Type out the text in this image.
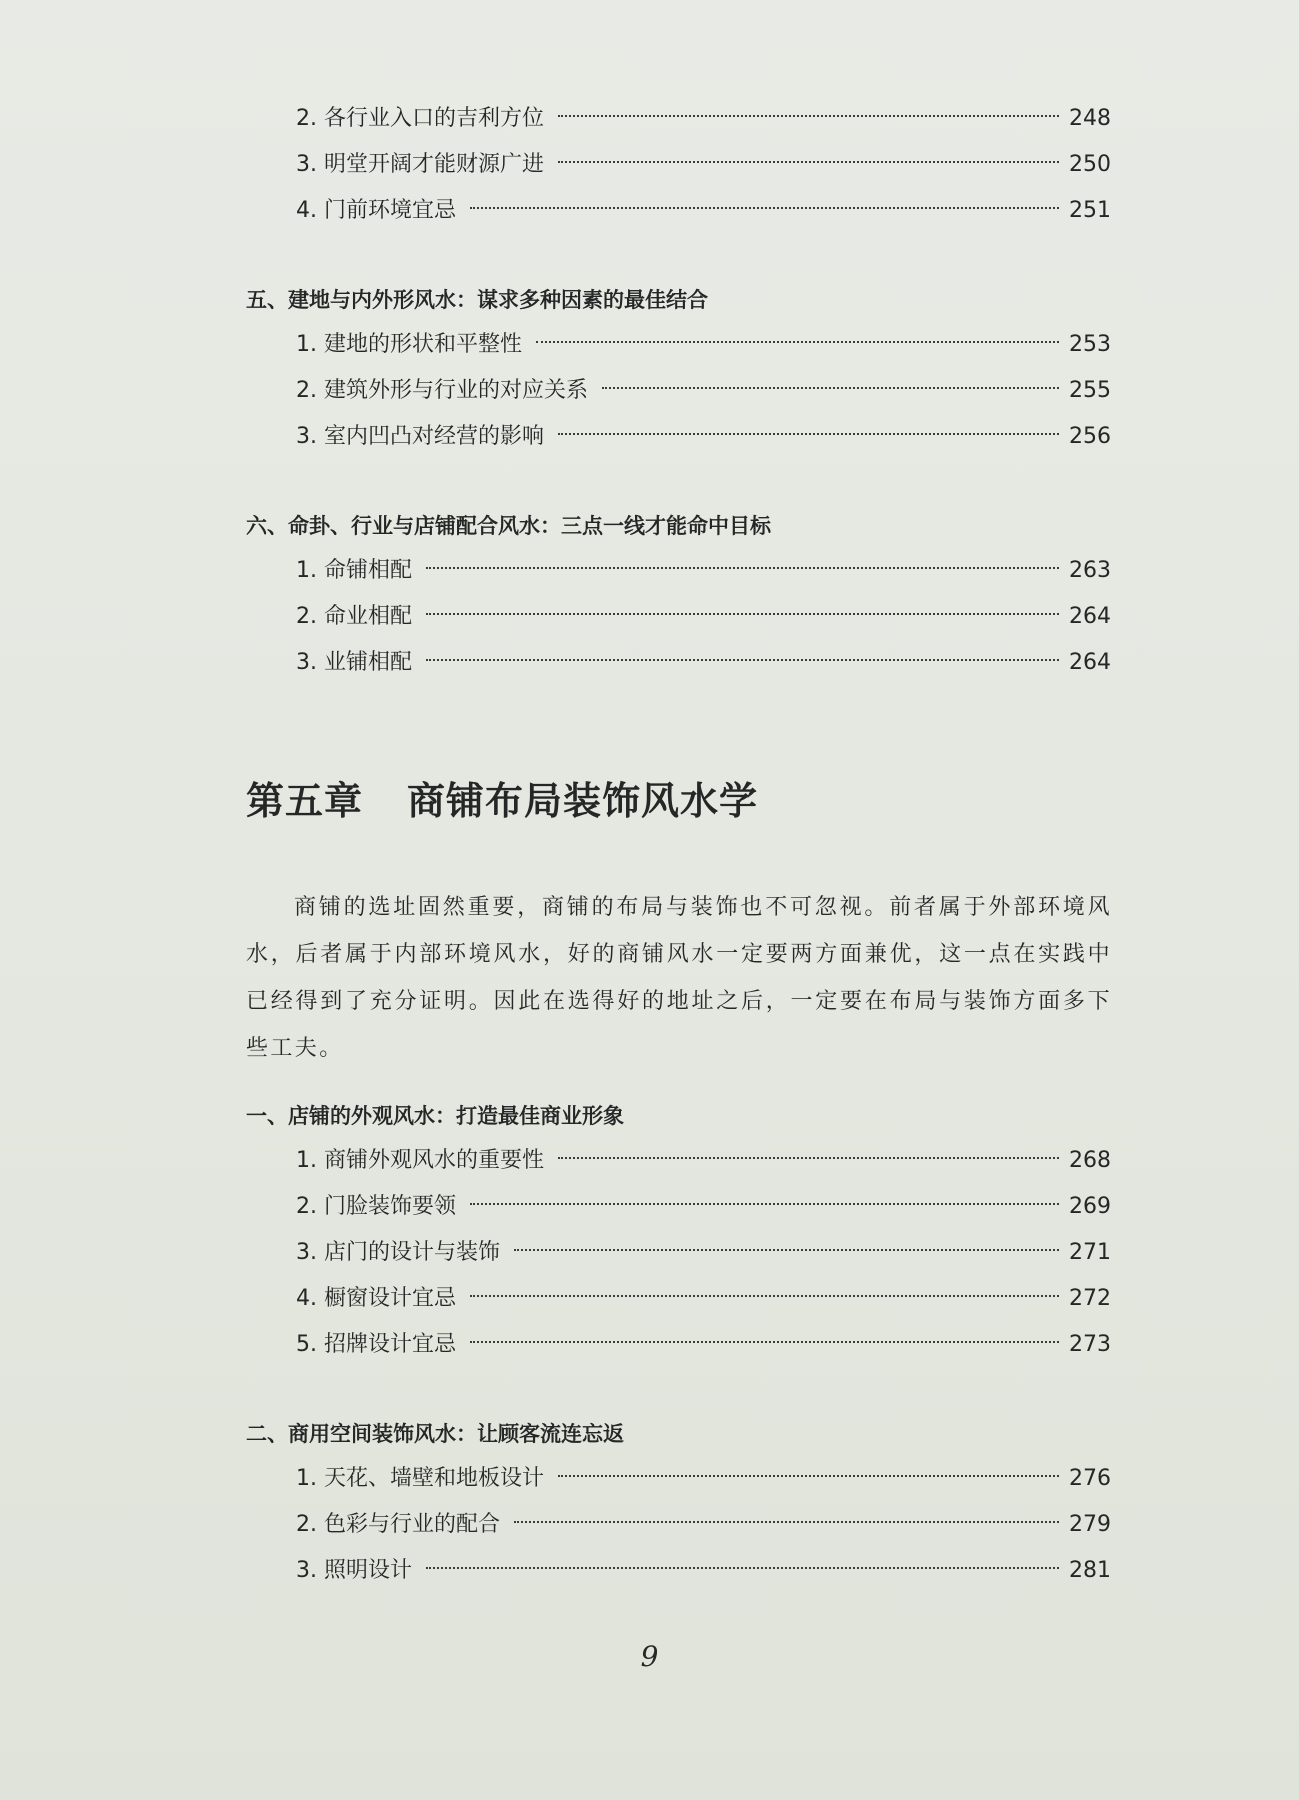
2. 各行业入口的吉利方位	248
3. 明堂开阔才能财源广进	250
4. 门前环境宜忌	251
五、建地与内外形风水：谋求多种因素的最佳结合
1. 建地的形状和平整性	253
2. 建筑外形与行业的对应关系	255
3. 室内凹凸对经营的影响	256
六、命卦、行业与店铺配合风水：三点一线才能命中目标
1. 命铺相配	263
2. 命业相配	264
3. 业铺相配	264
第五章 商铺布局装饰风水学

商铺的选址固然重要，商铺的布局与装饰也不可忽视。前者属于外部环境风水，后者属于内部环境风水，好的商铺风水一定要两方面兼优，这一点在实践中已经得到了充分证明。因此在选得好的地址之后，一定要在布局与装饰方面多下些工夫。

一、店铺的外观风水：打造最佳商业形象
1. 商铺外观风水的重要性	268
2. 门脸装饰要领	269
3. 店门的设计与装饰	271
4. 橱窗设计宜忌	272
5. 招牌设计宜忌	273
二、商用空间装饰风水：让顾客流连忘返
1. 天花、墙壁和地板设计	276
2. 色彩与行业的配合	279
3. 照明设计	281
9
